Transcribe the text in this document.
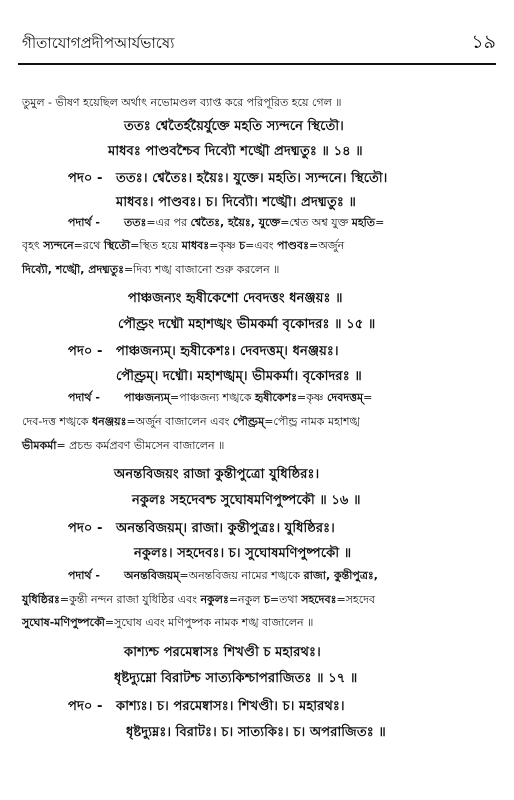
গীতাযোগপ্রদীপআর্যভাষ্যে	১৯
তুমুল - ভীষণ হয়েছিল অর্থাৎ নভোমণ্ডল ব্যাপ্ত করে পরিপূরিত হয়ে গেল ॥
ততঃ শ্বেতৈর্হয়ৈর্যুক্তে মহতি স্যন্দনে স্থিতৌ।
মাধবঃ পাণ্ডবশ্চৈব দিব্যৌ শঙ্খৌ প্রদধ্মতুঃ ॥ ১৪ ॥
পদ০ - ততঃ। শ্বেতৈঃ। হয়ৈঃ। যুক্তে। মহতি। স্যন্দনে। স্থিতৌ।
মাধবঃ। পাণ্ডবঃ। চ। দিব্যৌ। শঙ্খৌ। প্রদধ্মতুঃ ॥
পদার্থ - ততঃ=এর পর শ্বেতৈঃ, হয়ৈঃ, যুক্তে=শ্বেত অশ্ব যুক্ত মহতি=
বৃহৎ স্যন্দনে=রথে স্থিতৌ=স্থিত হয়ে মাধবঃ=কৃষ্ণ চ=এবং পাণ্ডবঃ=অর্জুন
দিব্যৌ, শঙ্খৌ, প্রদধ্মতুঃ=দিব্য শঙ্খ বাজানো শুরু করলেন ॥
পাঞ্চজন্যং হৃষীকেশো দেবদত্তং ধনঞ্জয়ঃ ॥
পৌণ্ড্রং দধ্মৌ মহাশঙ্খং ভীমকর্মা বৃকোদরঃ ॥ ১৫ ॥
পদ০ - পাঞ্চজন্যম্। হৃষীকেশঃ। দেবদত্তম্। ধনঞ্জয়ঃ।
পৌণ্ড্রম্। দধ্মৌ। মহাশঙ্খম্। ভীমকর্মা। বৃকোদরঃ ॥
পদার্থ - পাঞ্চজন্যম্=পাঞ্চজন্য শঙ্খকে হৃষীকেশঃ=কৃষ্ণ দেবদত্তম্=
দেব-দত্ত শঙ্খকে ধনঞ্জয়ঃ=অর্জুন বাজালেন এবং পৌণ্ড্রম্=পৌন্ড্র নামক মহাশঙ্খ
ভীমকর্মা= প্রচন্ড কর্মপ্রবণ ভীমসেন বাজালেন ॥
অনন্তবিজয়ং রাজা কুন্তীপুত্রো যুধিষ্ঠিরঃ।
নকুলঃ সহদেবশ্চ সুঘোষমণিপুষ্পকৌ ॥ ১৬ ॥
পদ০ - অনন্তবিজয়ম্। রাজা। কুন্তীপুত্রঃ। যুধিষ্ঠিরঃ।
নকুলঃ। সহদেবঃ। চ। সুঘোষমণিপুষ্পকৌ ॥
পদার্থ - অনন্তবিজয়ম্=অনন্তবিজয় নামের শঙ্খকে রাজা, কুন্তীপুত্রঃ,
যুধিষ্ঠিরঃ=কুন্তী নন্দন রাজা যুধিষ্ঠির এবং নকুলঃ=নকুল চ=তথা সহদেবঃ=সহদেব
সুঘোষ-মণিপুষ্পকৌ=সুঘোষ এবং মণিপুষ্পক নামক শঙ্খ বাজালেন ॥
কাশ্যশ্চ পরমেষ্বাসঃ শিখণ্ডী চ মহারথঃ।
ধৃষ্টদ্যুম্নো বিরাটশ্চ সাত্যকিশ্চাপরাজিতঃ ॥ ১৭ ॥
পদ০ - কাশ্যঃ। চ। পরমেষ্বাসঃ। শিখণ্ডী। চ। মহারথঃ।
ধৃষ্টদ্যুম্নঃ। বিরাটঃ। চ। সাত্যকিঃ। চ। অপরাজিতঃ ॥
